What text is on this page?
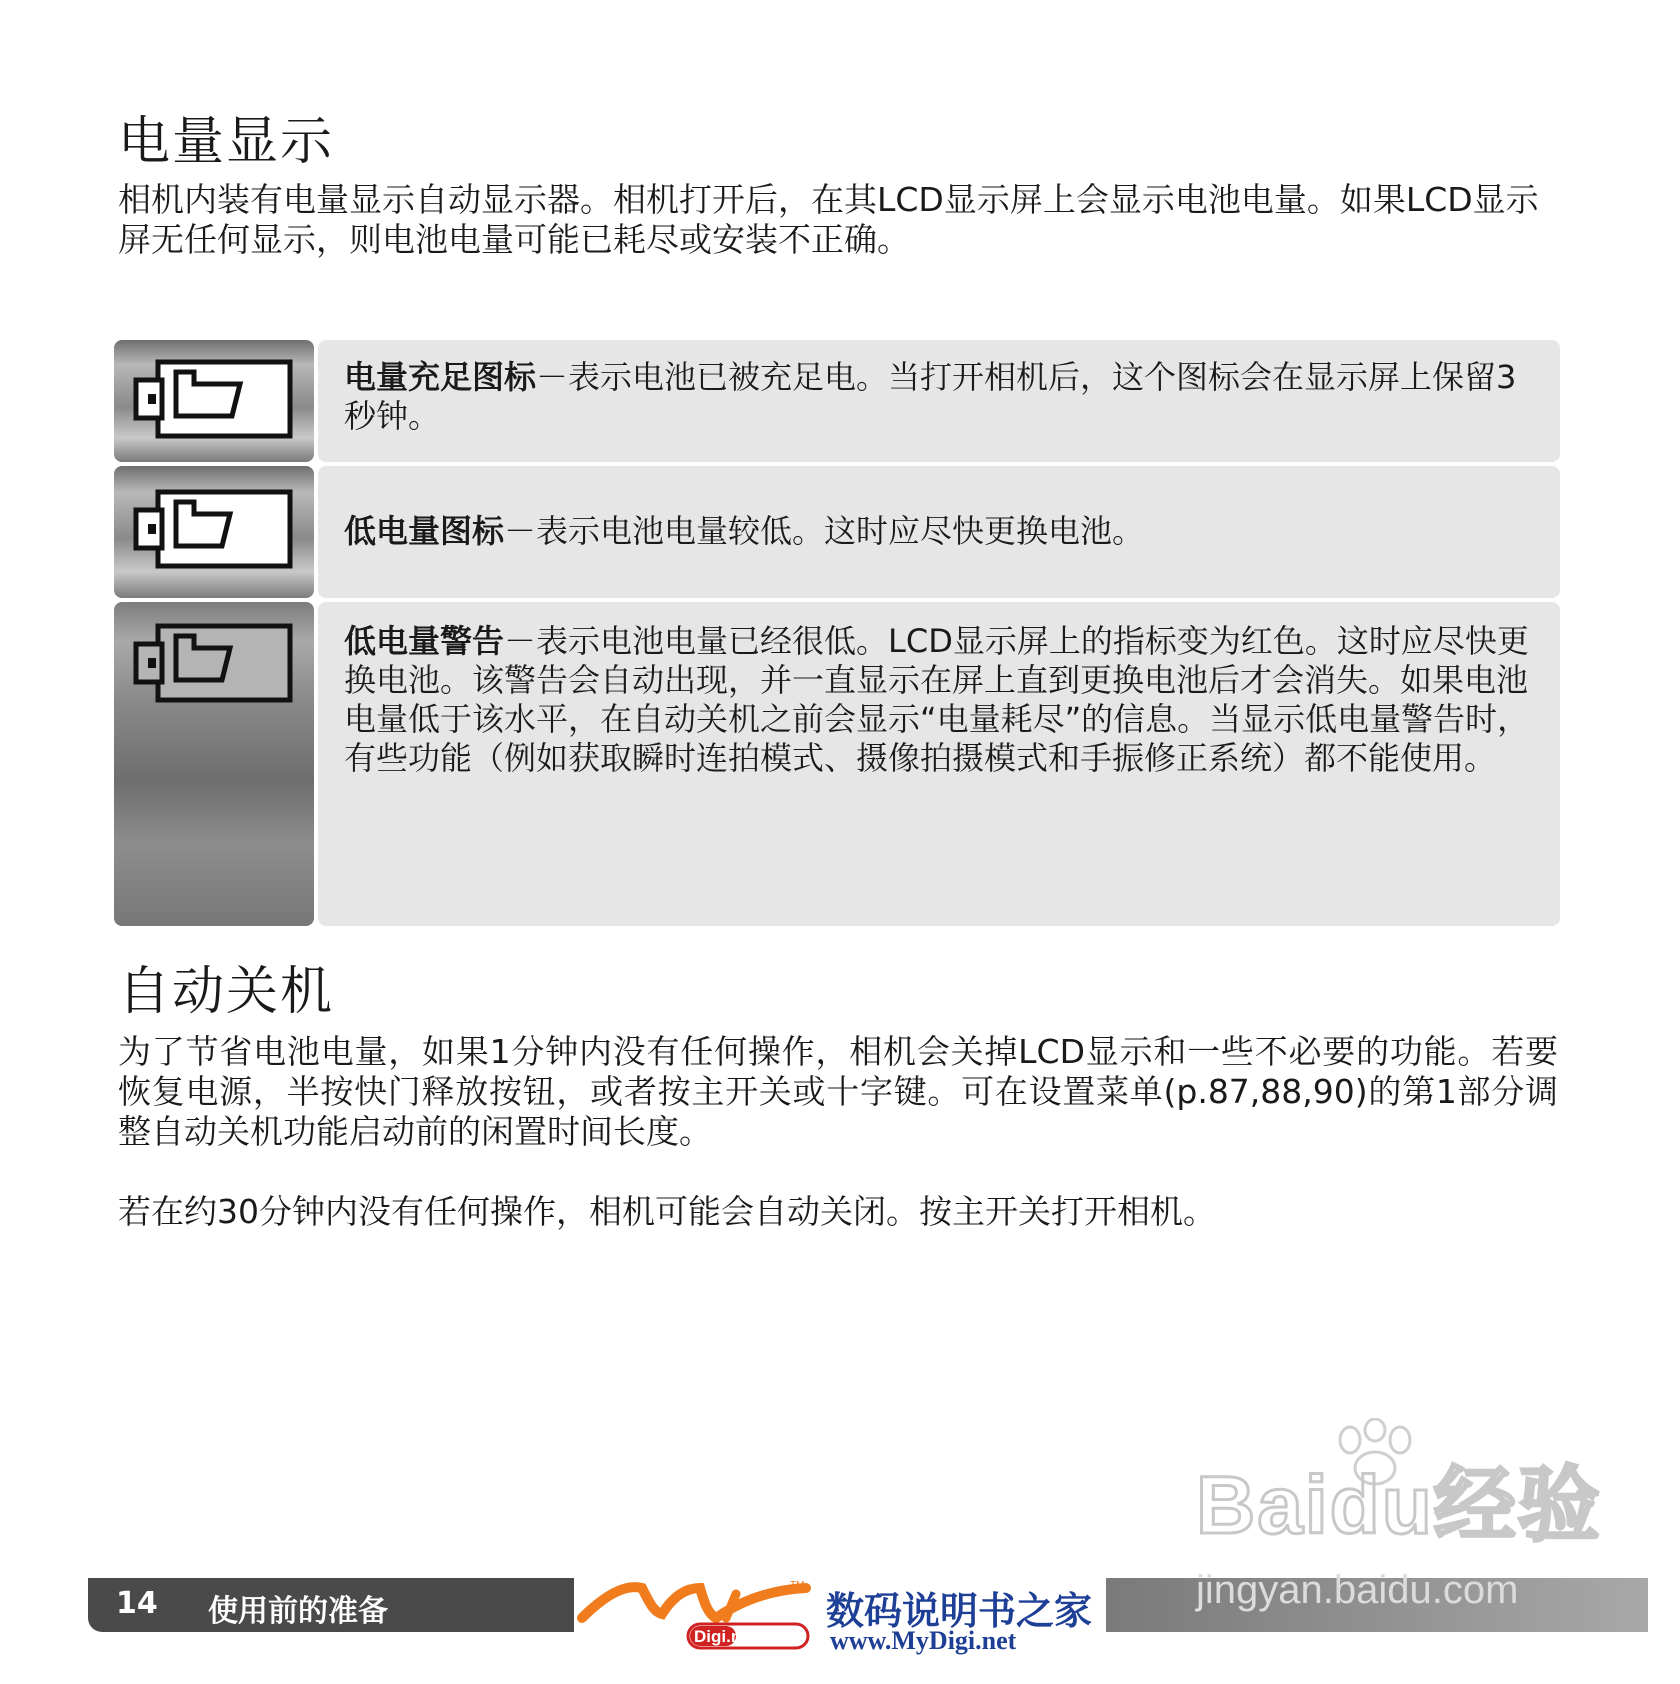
电量显示

相机内装有电量显示自动显示器。相机打开后，在其LCD显示屏上会显示电池电量。如果LCD显示屏无任何显示，则电池电量可能已耗尽或安装不正确。

电量充足图标－表示电池已被充足电。当打开相机后，这个图标会在显示屏上保留3秒钟。

低电量图标－表示电池电量较低。这时应尽快更换电池。

低电量警告－表示电池电量已经很低。LCD显示屏上的指标变为红色。这时应尽快更换电池。该警告会自动出现，并一直显示在屏上直到更换电池后才会消失。如果电池电量低于该水平，在自动关机之前会显示“电量耗尽”的信息。当显示低电量警告时，有些功能（例如获取瞬时连拍模式、摄像拍摄模式和手振修正系统）都不能使用。

自动关机

为了节省电池电量，如果1分钟内没有任何操作，相机会关掉LCD显示和一些不必要的功能。若要恢复电源，半按快门释放按钮，或者按主开关或十字键。可在设置菜单(p.87,88,90)的第1部分调整自动关机功能启动前的闲置时间长度。

若在约30分钟内没有任何操作，相机可能会自动关闭。按主开关打开相机。

Baidu经验
14 使用前的准备
Digi.net
TM
数码说明书之家
www.MyDigi.net
jingyan.baidu.com
